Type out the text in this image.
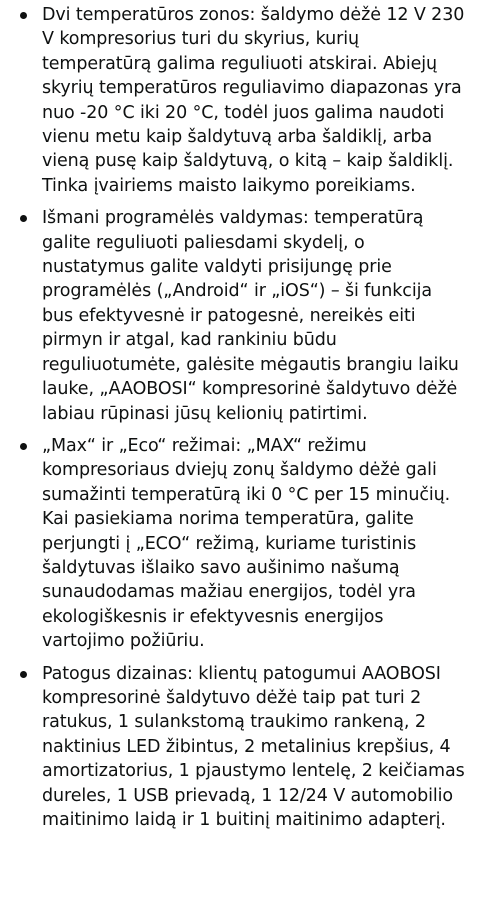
Dvi temperatūros zonos: šaldymo dėžė 12 V 230 V kompresorius turi du skyrius, kurių temperatūrą galima reguliuoti atskirai. Abiejų skyrių temperatūros reguliavimo diapazonas yra nuo -20 °C iki 20 °C, todėl juos galima naudoti vienu metu kaip šaldytuvą arba šaldiklį, arba vieną pusę kaip šaldytuvą, o kitą – kaip šaldiklį. Tinka įvairiems maisto laikymo poreikiams.
Išmani programėlės valdymas: temperatūrą galite reguliuoti paliesdami skydelį, o nustatymus galite valdyti prisijungę prie programėlės („Android“ ir „iOS“) – ši funkcija bus efektyvesnė ir patogesnė, nereikės eiti pirmyn ir atgal, kad rankiniu būdu reguliuotumėte, galėsite mėgautis brangiu laiku lauke, „AAOBOSI“ kompresorinė šaldytuvo dėžė labiau rūpinasi jūsų kelionių patirtimi.
„Max“ ir „Eco“ režimai: „MAX“ režimu kompresoriaus dviejų zonų šaldymo dėžė gali sumažinti temperatūrą iki 0 °C per 15 minučių. Kai pasiekiama norima temperatūra, galite perjungti į „ECO“ režimą, kuriame turistinis šaldytuvas išlaiko savo aušinimo našumą sunaudodamas mažiau energijos, todėl yra ekologiškesnis ir efektyvesnis energijos vartojimo požiūriu.
Patogus dizainas: klientų patogumui AAOBOSI kompresorinė šaldytuvo dėžė taip pat turi 2 ratukus, 1 sulankstomą traukimo rankeną, 2 naktinius LED žibintus, 2 metalinius krepšius, 4 amortizatorius, 1 pjaustymo lentelę, 2 keičiamas dureles, 1 USB prievadą, 1 12/24 V automobilio maitinimo laidą ir 1 buitinį maitinimo adapterį.
